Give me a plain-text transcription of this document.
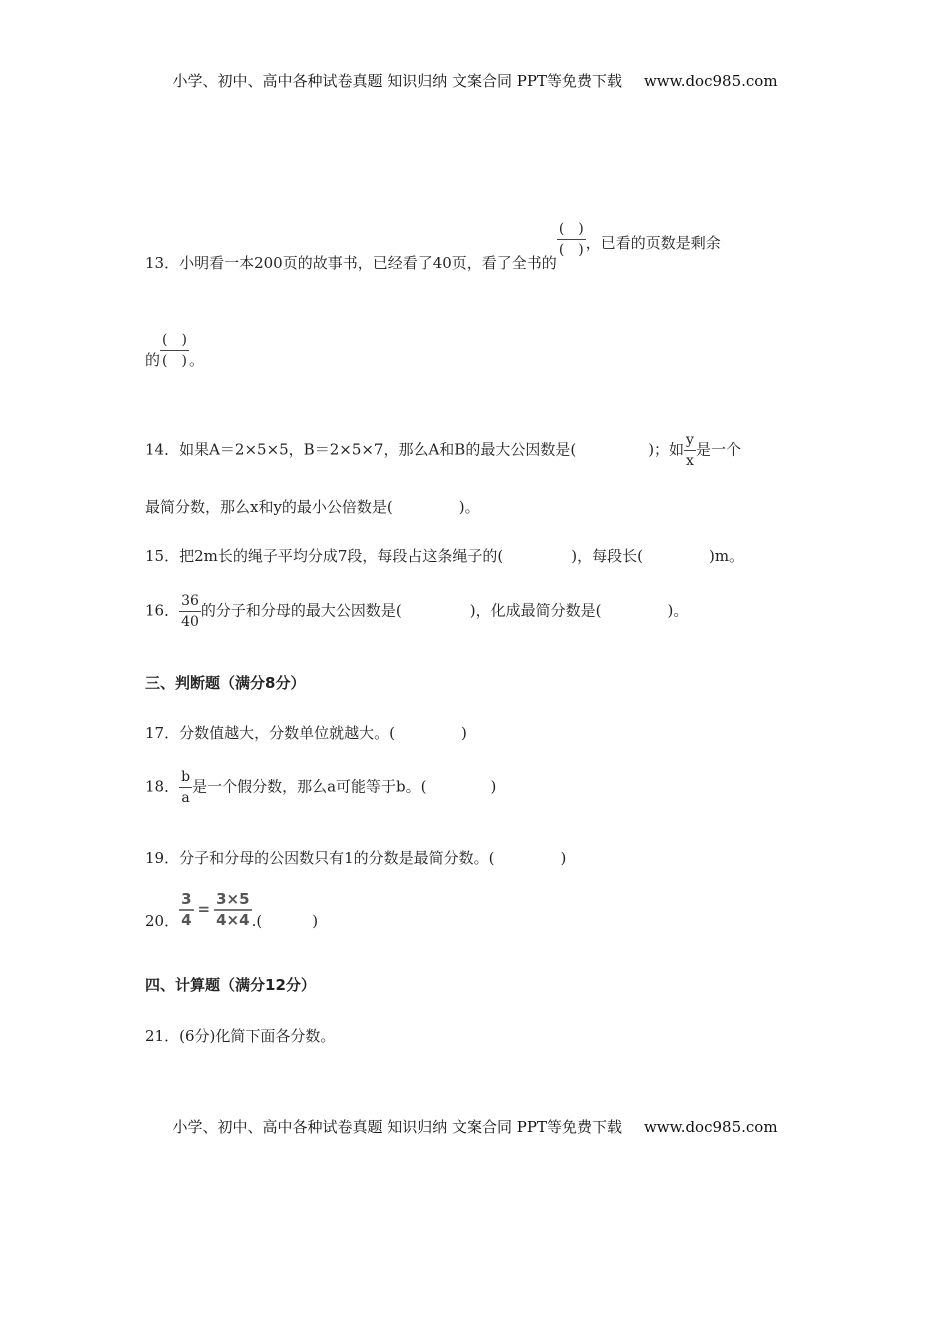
小学、初中、高中各种试卷真题 知识归纳 文案合同 PPT等免费下载 www.doc985.com
13．小明看一本200页的故事书，已经看了40页，看了全书的
$\frac{( )}{( )}$ ，已看的页数是剩余
的 $\frac{( )}{( )}$ 。
14．如果A＝2×5×5，B＝2×5×7，那么A和B的最大公因数是(	)；如 $\frac{y}{x}$ 是一个
最简分数，那么x和y的最小公倍数是(	)。
15．把2m长的绳子平均分成7段，每段占这条绳子的(	)，每段长(	)m。
16． $\frac{36}{40}$ 的分子和分母的最大公因数是(	)，化成最简分数是(	)。
三、判断题（满分8分）
17．分数值越大，分数单位就越大。(	)
18． $\frac{b}{a}$ 是一个假分数，那么a可能等于b。(	)
19．分子和分母的公因数只有1的分数是最简分数。(	)
20． $\frac{3}{4} = \frac{3\times 5}{4\times 4}$ .(	)
四、计算题（满分12分）
21．(6分)化简下面各分数。
小学、初中、高中各种试卷真题 知识归纳 文案合同 PPT等免费下载 www.doc985.com
